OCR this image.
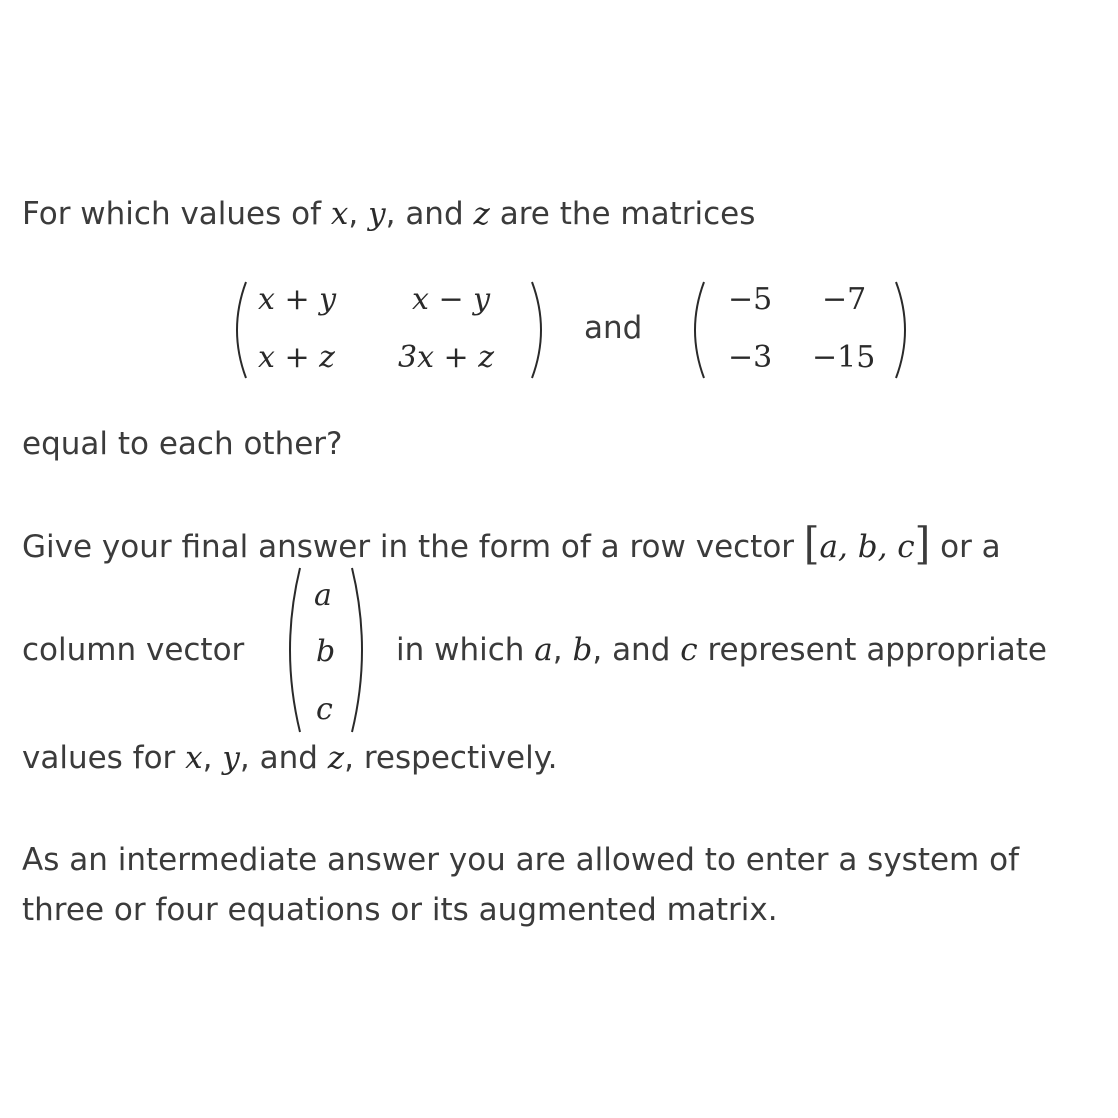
For which values of x, y, and z are the matrices
x + y	x − y
x + z 3x + z
and
−5 −7
−3 −15
equal to each other?
Give your final answer in the form of a row vector [a, b, c] or a
column vector
a
b
c
in which a, b, and c represent appropriate
values for x, y, and z, respectively.
As an intermediate answer you are allowed to enter a system of
three or four equations or its augmented matrix.
